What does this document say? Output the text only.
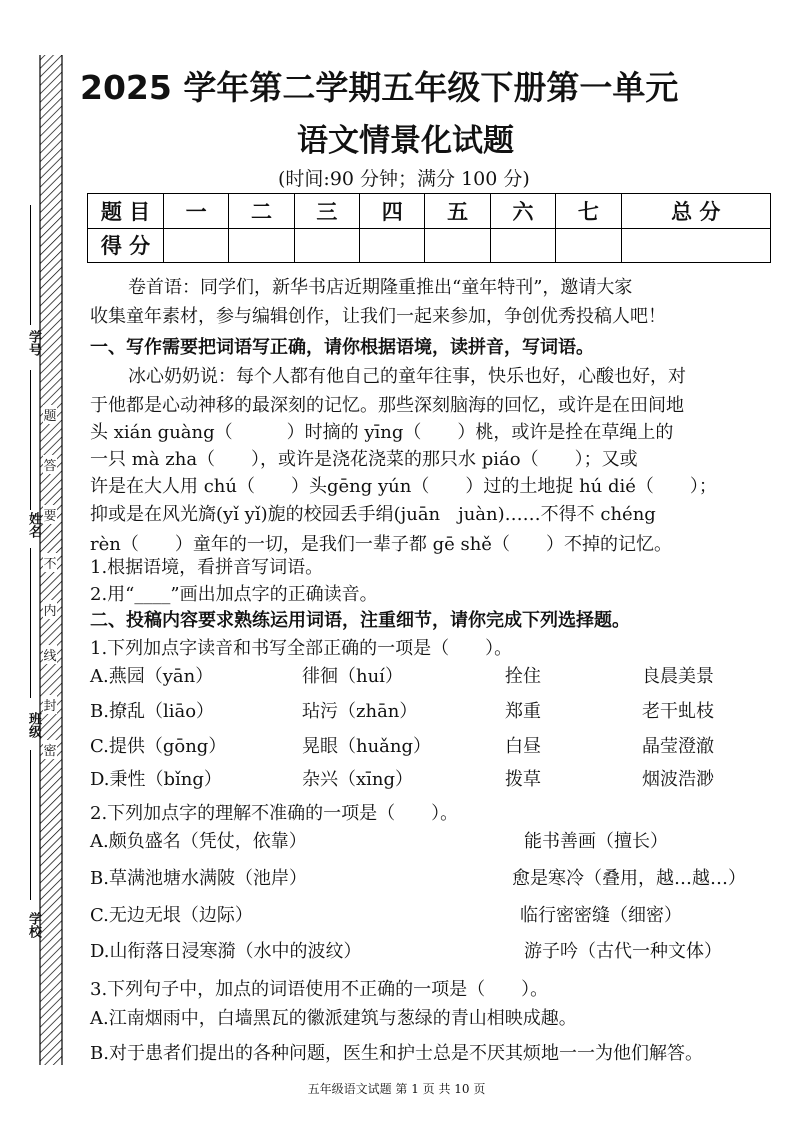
题
答
要
不
内
线
封
密
学号
姓名
班级
学校
2025 学年第二学期五年级下册第一单元
语文情景化试题
(时间:90 分钟；满分 100 分)
题 目	一	二	三	四	五	六	七	总 分
得 分								
卷首语：同学们，新华书店近期隆重推出“童年特刊”，邀请大家
收集童年素材，参与编辑创作，让我们一起来参加，争创优秀投稿人吧！
一、写作需要把词语写正确，请你根据语境，读拼音，写词语。
冰心奶奶说：每个人都有他自己的童年往事，快乐也好，心酸也好，对
于他都是心动神移的最深刻的记忆。那些深刻脑海的回忆，或许是在田间地
头 xián guàng（　　　）时摘的 yīng（　　）桃，或许是拴在草绳上的
一只 mà zha（　　），或许是浇花浇菜的那只水 piáo（　　）；又或
许是在大人用 chú（　　）头gēng yún（　　）过的土地捉 hú dié（　　）；
抑或是在风光旖(yǐ yǐ)旎的校园丢手绢(juān　juàn)……不得不 chéng
rèn（　　）童年的一切，是我们一辈子都 gē shě（　　）不掉的记忆。
1.根据语境，看拼音写词语。
2.用“____”画出加点字的正确读音。
二、投稿内容要求熟练运用词语，注重细节，请你完成下列选择题。
1.下列加点字读音和书写全部正确的一项是（　　）。
A.燕园（yān）	徘徊（huí）	拴住	良晨美景
B.撩乱（liāo）	玷污（zhān）	郑重	老干虬枝
C.提供（gōng）	晃眼（huǎng）	白昼	晶莹澄澈
D.秉性（bǐng）	杂兴（xīng）	拨草	烟波浩渺
2.下列加点字的理解不准确的一项是（　　）。
A.颇负盛名（凭仗，依靠）	能书善画（擅长）
B.草满池塘水满陂（池岸）	愈是寒冷（叠用，越…越…）
C.无边无垠（边际）	临行密密缝（细密）
D.山衔落日浸寒漪（水中的波纹）	游子吟（古代一种文体）
3.下列句子中，加点的词语使用不正确的一项是（　　）。
A.江南烟雨中，白墙黑瓦的徽派建筑与葱绿的青山相映成趣。
B.对于患者们提出的各种问题，医生和护士总是不厌其烦地一一为他们解答。
五年级语文试题 第 1 页 共 10 页
